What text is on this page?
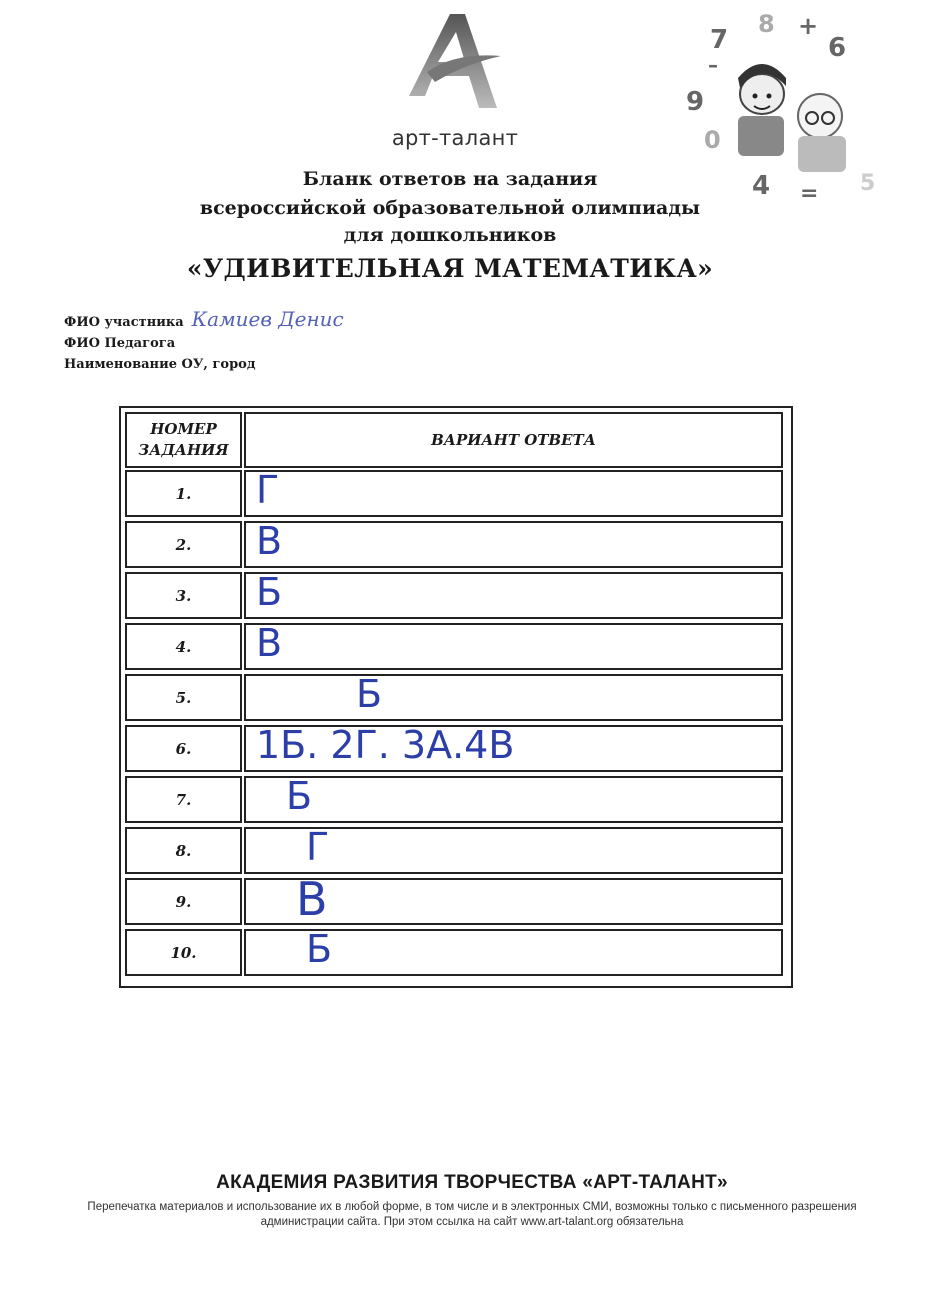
арт-талант
7
8
6
9
0
4	5
+
–
=
Бланк ответов на задания
всероссийской образовательной олимпиады
для дошкольников
«УДИВИТЕЛЬНАЯ МАТЕМАТИКА»
ФИО участника Камиев Денис
ФИО Педагога
Наименование ОУ, город
НОМЕР ЗАДАНИЯ
ВАРИАНТ ОТВЕТА
1.	Г
2.	В
3.	Б
4.	В
5.	Б
6.	1Б. 2Г. 3А.4В
7.	Б
8.	Г
9.	В
10.	Б
АКАДЕМИЯ РАЗВИТИЯ ТВОРЧЕСТВА «АРТ-ТАЛАНТ»
Перепечатка материалов и использование их в любой форме, в том числе и в электронных СМИ, возможны только с письменного разрешения администрации сайта. При этом ссылка на сайт www.art-talant.org обязательна
